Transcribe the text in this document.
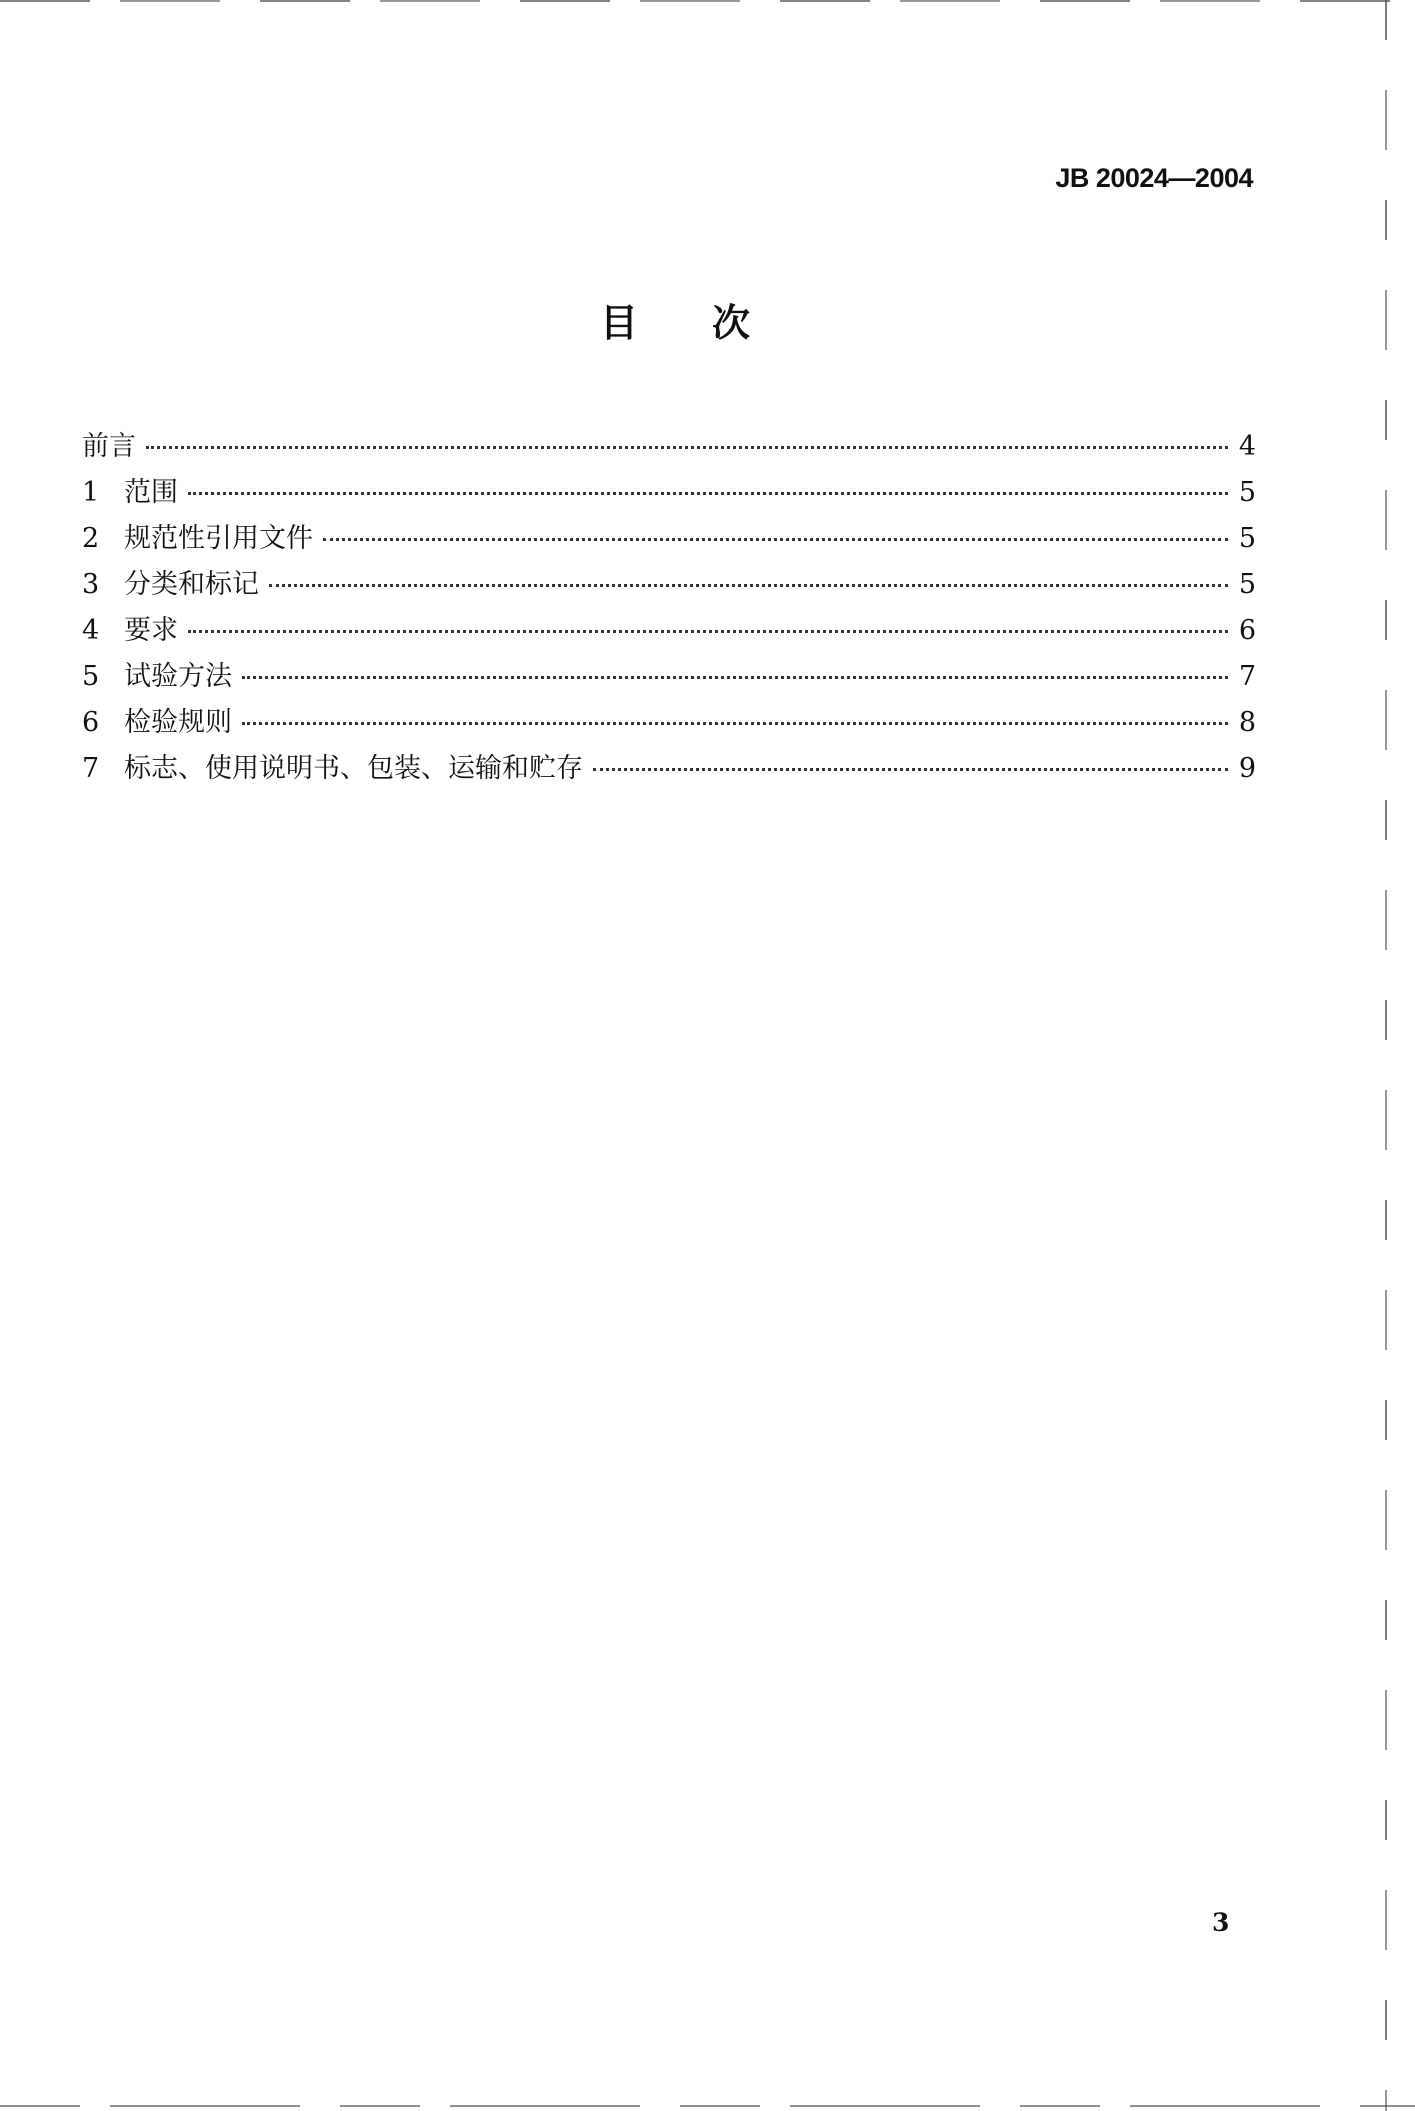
JB 20024—2004
目次
前言	4
1 范围	5
2 规范性引用文件	5
3 分类和标记	5
4 要求	6
5 试验方法	7
6 检验规则	8
7 标志、使用说明书、包装、运输和贮存	9
3
